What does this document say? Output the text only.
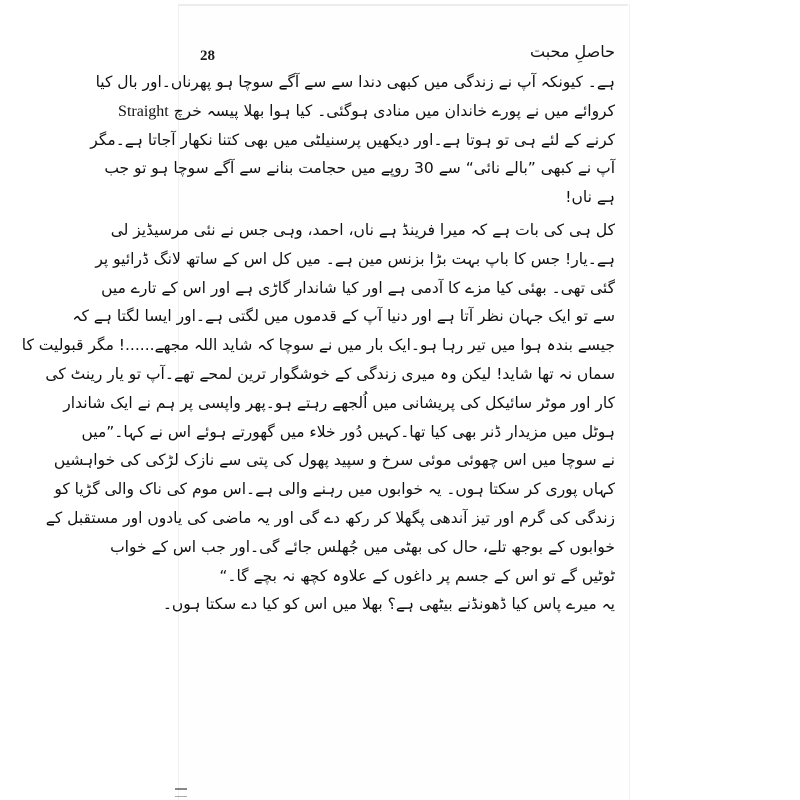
28	حاصلِ محبت
ہے۔ کیونکہ آپ نے زندگی میں کبھی دندا سے سے آگے سوچا ہو پھرناں۔اور بال کیا
کروائے میں نے پورے خاندان میں منادی ہوگئی۔ کیا ہوا بھلا پیسہ خرچ Straight
کرنے کے لئے ہی تو ہوتا ہے۔اور دیکھیں پرسنیلٹی میں بھی کتنا نکھار آجاتا ہے۔مگر
آپ نے کبھی ”بالے نائی“ سے 30 روپے میں حجامت بنانے سے آگے سوچا ہو تو جب
ہے ناں!
کل ہی کی بات ہے کہ میرا فرینڈ ہے ناں، احمد، وہی جس نے نئی مرسیڈیز لی
ہے۔یار! جس کا باپ بہت بڑا بزنس مین ہے۔ میں کل اس کے ساتھ لانگ ڈرائیو پر
گئی تھی۔ بھئی کیا مزے کا آدمی ہے اور کیا شاندار گاڑی ہے اور اس کے تارے میں
سے تو ایک جہان نظر آتا ہے اور دنیا آپ کے قدموں میں لگتی ہے۔اور ایسا لگتا ہے کہ
جیسے بندہ ہوا میں تیر رہا ہو۔ایک بار میں نے سوچا کہ شاید اللہ مجھے......! مگر قبولیت کا
سماں نہ تھا شاید! لیکن وہ میری زندگی کے خوشگوار ترین لمحے تھے۔آپ تو یار رینٹ کی
کار اور موٹر سائیکل کی پریشانی میں اُلجھے رہتے ہو۔پھر واپسی پر ہم نے ایک شاندار
ہوٹل میں مزیدار ڈنر بھی کیا تھا۔کہیں دُور خلاء میں گھورتے ہوئے اس نے کہا۔”میں
نے سوچا میں اس چھوئی موئی سرخ و سپید پھول کی پتی سے نازک لڑکی کی خواہشیں
کہاں پوری کر سکتا ہوں۔ یہ خوابوں میں رہنے والی ہے۔اس موم کی ناک والی گڑیا کو
زندگی کی گرم اور تیز آندھی پگھلا کر رکھ دے گی اور یہ ماضی کی یادوں اور مستقبل کے
خوابوں کے بوجھ تلے، حال کی بھٹی میں جُھلس جائے گی۔اور جب اس کے خواب
ٹوٹیں گے تو اس کے جسم پر داغوں کے علاوہ کچھ نہ بچے گا۔“
یہ میرے پاس کیا ڈھونڈنے بیٹھی ہے؟ بھلا میں اس کو کیا دے سکتا ہوں۔
